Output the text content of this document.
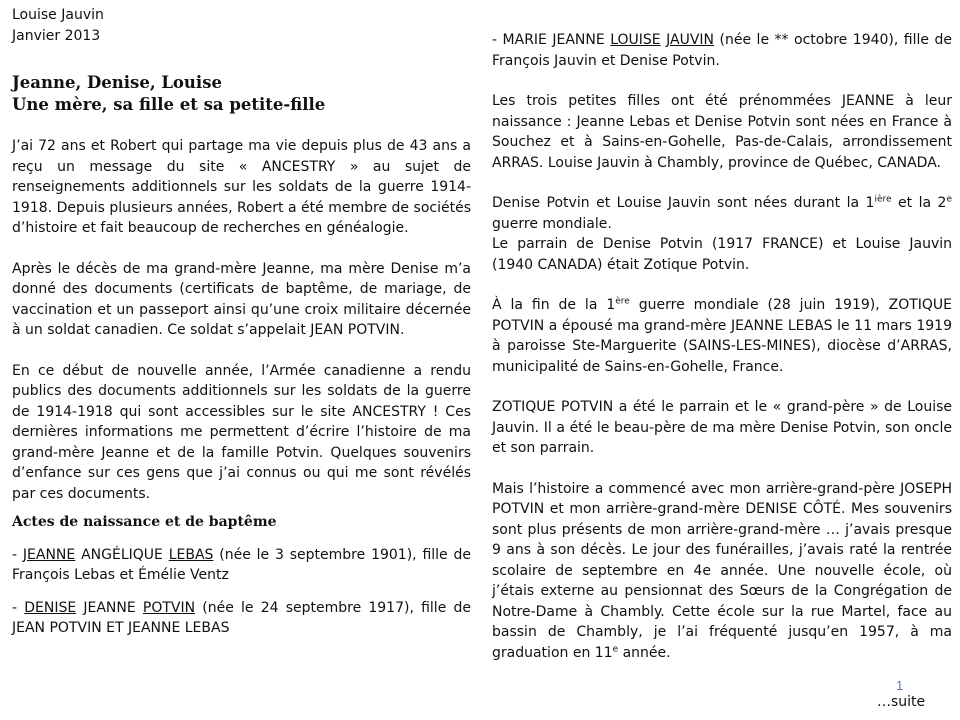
Louise Jauvin
Janvier 2013
Jeanne, Denise, Louise
Une mère, sa fille et sa petite-fille

J’ai 72 ans et Robert qui partage ma vie depuis plus de 43 ans a reçu un message du site « ANCESTRY » au sujet de renseignements additionnels sur les soldats de la guerre 1914-1918. Depuis plusieurs années, Robert a été membre de sociétés d’histoire et fait beaucoup de recherches en généalogie.

Après le décès de ma grand-mère Jeanne, ma mère Denise m’a donné des documents (certificats de baptême, de mariage, de vaccination et un passeport ainsi qu’une croix militaire décernée à un soldat canadien. Ce soldat s’appelait JEAN POTVIN.

En ce début de nouvelle année, l’Armée canadienne a rendu publics des documents additionnels sur les soldats de la guerre de 1914-1918 qui sont accessibles sur le site ANCESTRY ! Ces dernières informations me permettent d’écrire l’histoire de ma grand-mère Jeanne et de la famille Potvin. Quelques souvenirs d’enfance sur ces gens que j’ai connus ou qui me sont révélés par ces documents.

Actes de naissance et de baptême

- JEANNE ANGÉLIQUE LEBAS (née le 3 septembre 1901), fille de François Lebas et Émélie Ventz

- DENISE JEANNE POTVIN (née le 24 septembre 1917), fille de JEAN POTVIN ET JEANNE LEBAS

- MARIE JEANNE LOUISE JAUVIN (née le ** octobre 1940), fille de François Jauvin et Denise Potvin.

Les trois petites filles ont été prénommées JEANNE à leur naissance : Jeanne Lebas et Denise Potvin sont nées en France à Souchez et à Sains-en-Gohelle, Pas-de-Calais, arrondissement ARRAS. Louise Jauvin à Chambly, province de Québec, CANADA.

Denise Potvin et Louise Jauvin sont nées durant la $1^{ière}$ et la 2e guerre mondiale.

Le parrain de Denise Potvin (1917 FRANCE) et Louise Jauvin (1940 CANADA) était Zotique Potvin.

À la fin de la 1ère guerre mondiale (28 juin 1919), ZOTIQUE POTVIN a épousé ma grand-mère JEANNE LEBAS le 11 mars 1919 à paroisse Ste-Marguerite (SAINS-LES-MINES), diocèse d’ARRAS, municipalité de Sains-en-Gohelle, France.

ZOTIQUE POTVIN a été le parrain et le « grand-père » de Louise Jauvin. Il a été le beau-père de ma mère Denise Potvin, son oncle et son parrain.

Mais l’histoire a commencé avec mon arrière-grand-père JOSEPH POTVIN et mon arrière-grand-mère DENISE CÔTÉ. Mes souvenirs sont plus présents de mon arrière-grand-mère … j’avais presque 9 ans à son décès. Le jour des funérailles, j’avais raté la rentrée scolaire de septembre en 4e année. Une nouvelle école, où j’étais externe au pensionnat des Sœurs de la Congrégation de Notre-Dame à Chambly. Cette école sur la rue Martel, face au bassin de Chambly, je l’ai fréquenté jusqu’en 1957, à ma graduation en 11e année.

1
…suite
